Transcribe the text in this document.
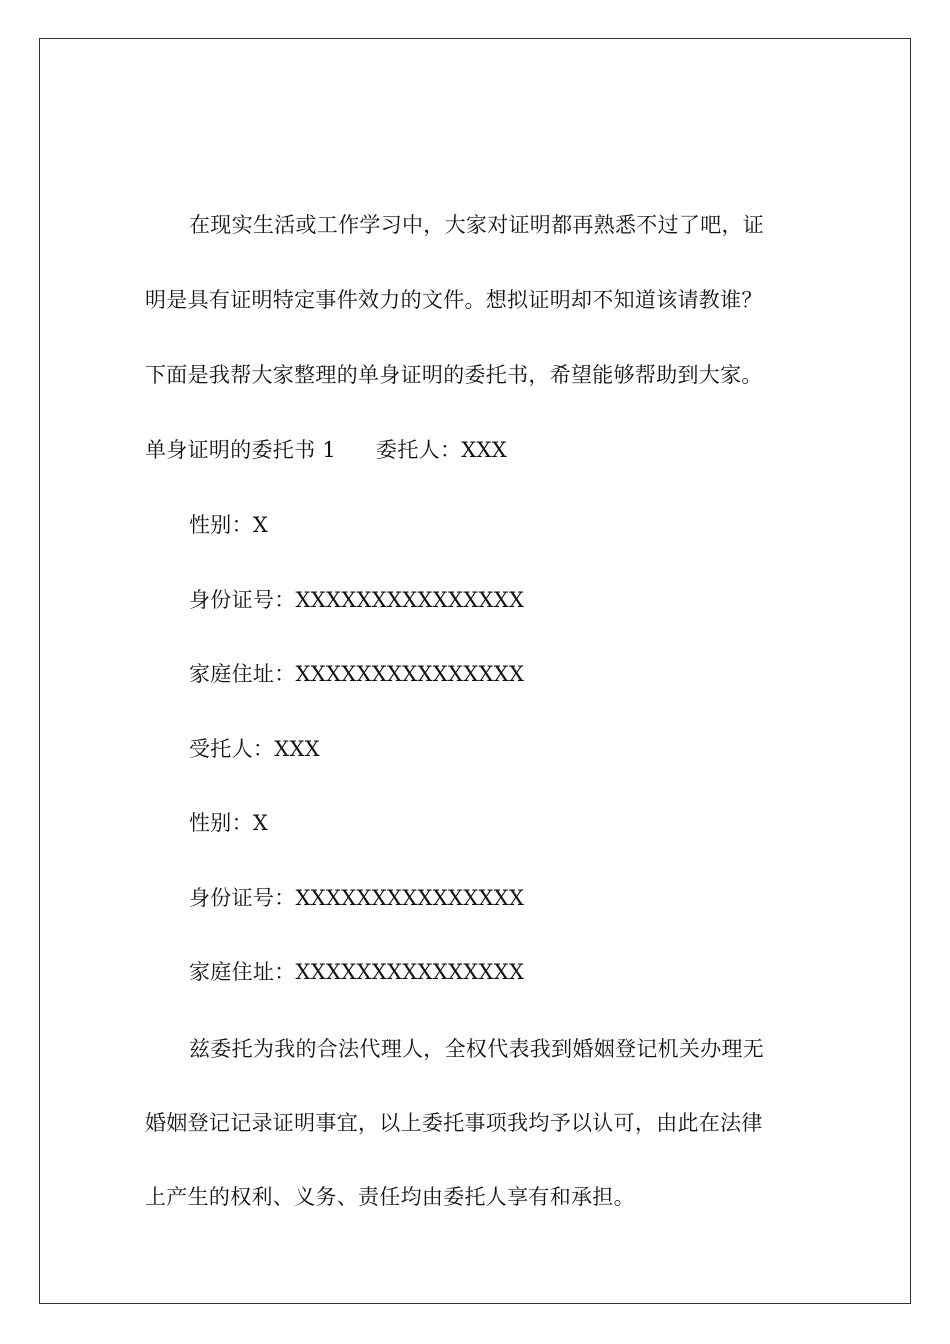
在现实生活或工作学习中，大家对证明都再熟悉不过了吧，证
明是具有证明特定事件效力的文件。想拟证明却不知道该请教谁？
下面是我帮大家整理的单身证明的委托书，希望能够帮助到大家。
单身证明的委托书 1 委托人：XXX
性别：X
身份证号：XXXXXXXXXXXXXXX
家庭住址：XXXXXXXXXXXXXXX
受托人：XXX
性别：X
身份证号：XXXXXXXXXXXXXXX
家庭住址：XXXXXXXXXXXXXXX
兹委托为我的合法代理人，全权代表我到婚姻登记机关办理无
婚姻登记记录证明事宜，以上委托事项我均予以认可，由此在法律
上产生的权利、义务、责任均由委托人享有和承担。
